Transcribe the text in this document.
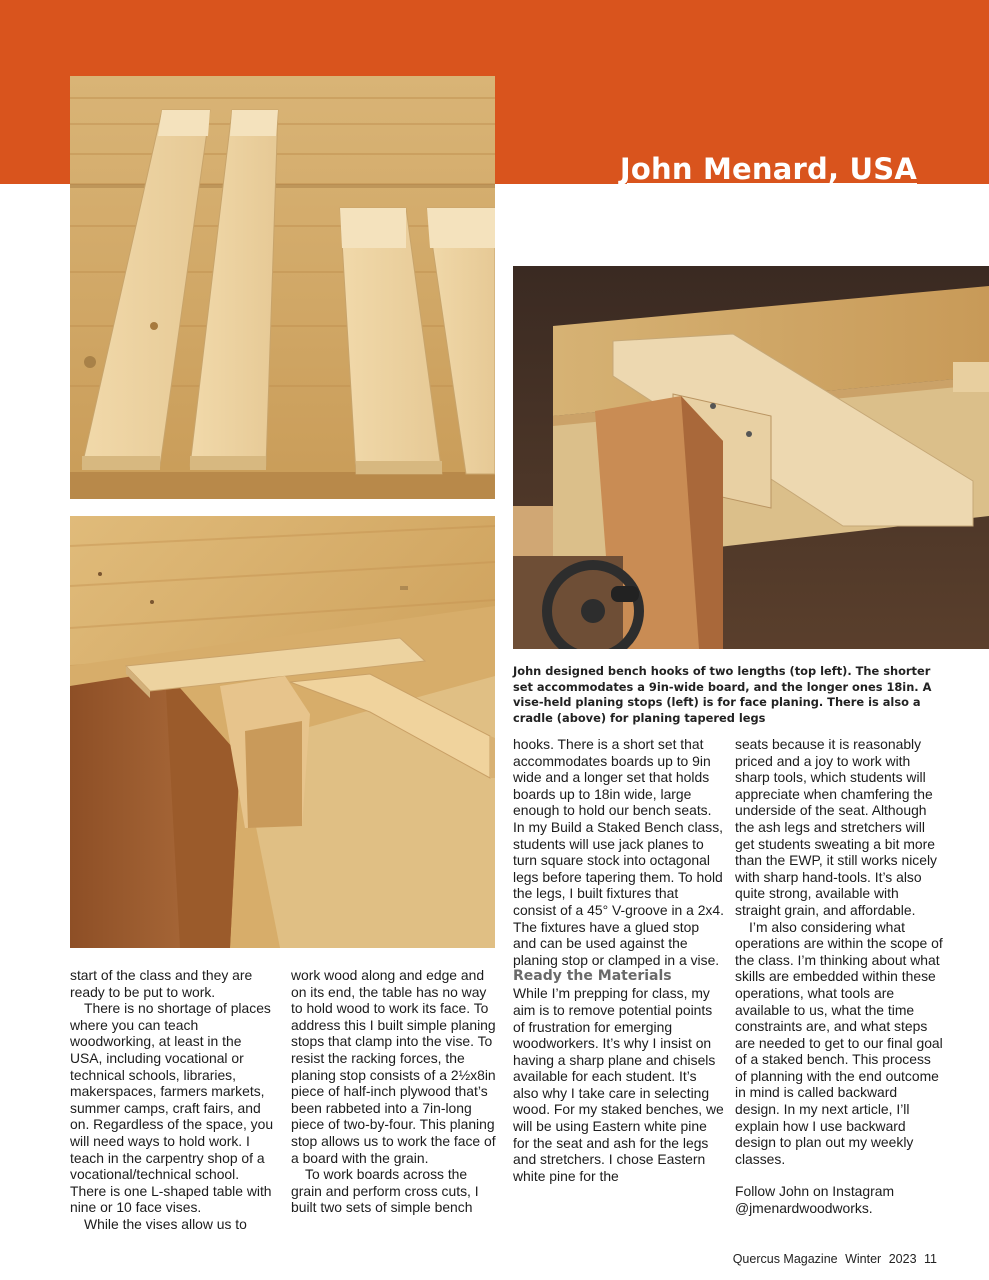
John Menard, USA
John designed bench hooks of two lengths (top left). The shorter set accommodates a 9in-wide board, and the longer ones 18in. A vise-held planing stops (left) is for face planing. There is also a cradle (above) for planing tapered legs

start of the class and they are ready to be put to work.

There is no shortage of places where you can teach woodworking, at least in the USA, including vocational or technical schools, libraries, makerspaces, farmers markets, summer camps, craft fairs, and on. Regardless of the space, you will need ways to hold work. I teach in the carpentry shop of a vocational/technical school. There is one L-shaped table with nine or 10 face vises.

While the vises allow us to

work wood along and edge and on its end, the table has no way to hold wood to work its face. To address this I built simple planing stops that clamp into the vise. To resist the racking forces, the planing stop consists of a 2½x8in piece of half-inch plywood that’s been rabbeted into a 7in-long piece of two-by-four. This planing stop allows us to work the face of a board with the grain.

To work boards across the grain and perform cross cuts, I built two sets of simple bench

hooks. There is a short set that accommodates boards up to 9in wide and a longer set that holds boards up to 18in wide, large enough to hold our bench seats. In my Build a Staked Bench class, students will use jack planes to turn square stock into octagonal legs before tapering them. To hold the legs, I built fixtures that consist of a 45° V-groove in a 2x4. The fixtures have a glued stop and can be used against the planing stop or clamped in a vise.

Ready the Materials

While I’m prepping for class, my aim is to remove potential points of frustration for emerging woodworkers. It’s why I insist on having a sharp plane and chisels available for each student. It’s also why I take care in selecting wood. For my staked benches, we will be using Eastern white pine for the seat and ash for the legs and stretchers. I chose Eastern white pine for the

seats because it is reasonably priced and a joy to work with sharp tools, which students will appreciate when chamfering the underside of the seat. Although the ash legs and stretchers will get students sweating a bit more than the EWP, it still works nicely with sharp hand-tools. It’s also quite strong, available with straight grain, and affordable.

I’m also considering what operations are within the scope of the class. I’m thinking about what skills are embedded within these operations, what tools are available to us, what the time constraints are, and what steps are needed to get to our final goal of a staked bench. This process of planning with the end outcome in mind is called backward design. In my next article, I’ll explain how I use backward design to plan out my weekly classes.

Follow John on Instagram @jmenardwoodworks.

Quercus Magazine Winter 2023 11
